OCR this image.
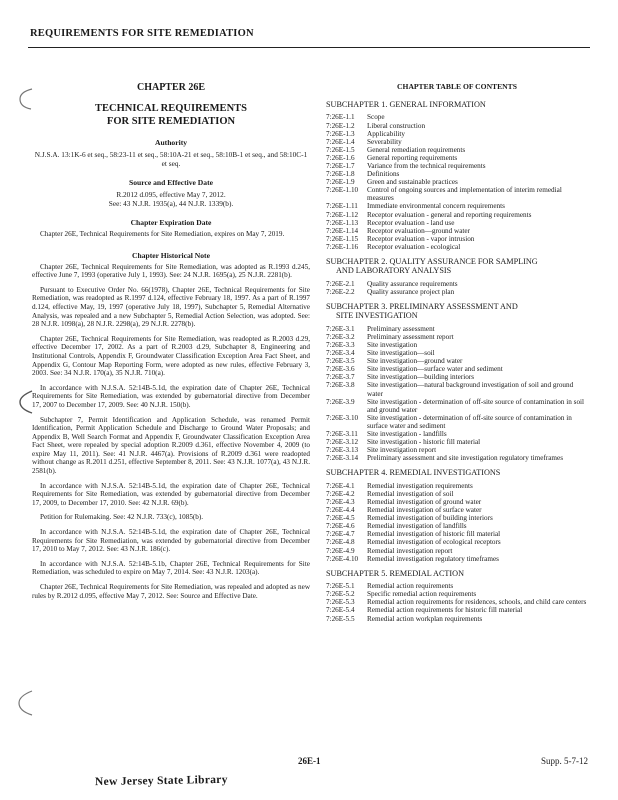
REQUIREMENTS FOR SITE REMEDIATION
CHAPTER 26E
TECHNICAL REQUIREMENTS
FOR SITE REMEDIATION
Authority
N.J.S.A. 13:1K-6 et seq., 58:23-11 et seq., 58:10A-21 et seq., 58:10B-1 et seq., and 58:10C-1 et seq.
Source and Effective Date
R.2012 d.095, effective May 7, 2012.
See: 43 N.J.R. 1935(a), 44 N.J.R. 1339(b).
Chapter Expiration Date

Chapter 26E, Technical Requirements for Site Remediation, expires on May 7, 2019.

Chapter Historical Note

Chapter 26E, Technical Requirements for Site Remediation, was adopted as R.1993 d.245, effective June 7, 1993 (operative July 1, 1993). See: 24 N.J.R. 1695(a), 25 N.J.R. 2281(b).

Pursuant to Executive Order No. 66(1978), Chapter 26E, Technical Requirements for Site Remediation, was readopted as R.1997 d.124, effective February 18, 1997. As a part of R.1997 d.124, effective May, 19, 1997 (operative July 18, 1997), Subchapter 5, Remedial Alternative Analysis, was repealed and a new Subchapter 5, Remedial Action Selection, was adopted. See: 28 N.J.R. 1098(a), 28 N.J.R. 2298(a), 29 N.J.R. 2278(b).

Chapter 26E, Technical Requirements for Site Remediation, was readopted as R.2003 d.29, effective December 17, 2002. As a part of R.2003 d.29, Subchapter 8, Engineering and Institutional Controls, Appendix F, Groundwater Classification Exception Area Fact Sheet, and Appendix G, Contour Map Reporting Form, were adopted as new rules, effective February 3, 2003. See: 34 N.J.R. 170(a), 35 N.J.R. 710(a).

In accordance with N.J.S.A. 52:14B-5.1d, the expiration date of Chapter 26E, Technical Requirements for Site Remediation, was extended by gubernatorial directive from December 17, 2007 to December 17, 2009. See: 40 N.J.R. 150(b).

Subchapter 7, Permit Identification and Application Schedule, was renamed Permit Identification, Permit Application Schedule and Discharge to Ground Water Proposals; and Appendix B, Well Search Format and Appendix F, Groundwater Classification Exception Area Fact Sheet, were repealed by special adoption R.2009 d.361, effective November 4, 2009 (to expire May 11, 2011). See: 41 N.J.R. 4467(a). Provisions of R.2009 d.361 were readopted without change as R.2011 d.251, effective September 8, 2011. See: 43 N.J.R. 1077(a), 43 N.J.R. 2581(b).

In accordance with N.J.S.A. 52:14B-5.1d, the expiration date of Chapter 26E, Technical Requirements for Site Remediation, was extended by gubernatorial directive from December 17, 2009, to December 17, 2010. See: 42 N.J.R. 69(b).

Petition for Rulemaking. See: 42 N.J.R. 733(c), 1085(b).

In accordance with N.J.S.A. 52:14B-5.1d, the expiration date of Chapter 26E, Technical Requirements for Site Remediation, was extended by gubernatorial directive from December 17, 2010 to May 7, 2012. See: 43 N.J.R. 186(c).

In accordance with N.J.S.A. 52:14B-5.1b, Chapter 26E, Technical Requirements for Site Remediation, was scheduled to expire on May 7, 2014. See: 43 N.J.R. 1203(a).

Chapter 26E, Technical Requirements for Site Remediation, was repealed and adopted as new rules by R.2012 d.095, effective May 7, 2012. See: Source and Effective Date.

CHAPTER TABLE OF CONTENTS
SUBCHAPTER 1. GENERAL INFORMATION
7:26E-1.1	Scope
7:26E-1.2	Liberal construction
7:26E-1.3	Applicability
7:26E-1.4	Severability
7:26E-1.5	General remediation requirements
7:26E-1.6	General reporting requirements
7:26E-1.7	Variance from the technical requirements
7:26E-1.8	Definitions
7:26E-1.9	Green and sustainable practices
7:26E-1.10	Control of ongoing sources and implementation of interim remedial measures
7:26E-1.11	Immediate environmental concern requirements
7:26E-1.12	Receptor evaluation - general and reporting requirements
7:26E-1.13	Receptor evaluation - land use
7:26E-1.14	Receptor evaluation—ground water
7:26E-1.15	Receptor evaluation - vapor intrusion
7:26E-1.16	Receptor evaluation - ecological
SUBCHAPTER 2. QUALITY ASSURANCE FOR SAMPLING
AND LABORATORY ANALYSIS
7:26E-2.1	Quality assurance requirements
7:26E-2.2	Quality assurance project plan
SUBCHAPTER 3. PRELIMINARY ASSESSMENT AND
SITE INVESTIGATION
7:26E-3.1	Preliminary assessment
7:26E-3.2	Preliminary assessment report
7:26E-3.3	Site investigation
7:26E-3.4	Site investigation—soil
7:26E-3.5	Site investigation—ground water
7:26E-3.6	Site investigation—surface water and sediment
7:26E-3.7	Site investigation—building interiors
7:26E-3.8	Site investigation—natural background investigation of soil and ground water
7:26E-3.9	Site investigation - determination of off-site source of contamination in soil and ground water
7:26E-3.10	Site investigation - determination of off-site source of contamination in surface water and sediment
7:26E-3.11	Site investigation - landfills
7:26E-3.12	Site investigation - historic fill material
7:26E-3.13	Site investigation report
7:26E-3.14	Preliminary assessment and site investigation regulatory timeframes
SUBCHAPTER 4. REMEDIAL INVESTIGATIONS
7:26E-4.1	Remedial investigation requirements
7:26E-4.2	Remedial investigation of soil
7:26E-4.3	Remedial investigation of ground water
7:26E-4.4	Remedial investigation of surface water
7:26E-4.5	Remedial investigation of building interiors
7:26E-4.6	Remedial investigation of landfills
7:26E-4.7	Remedial investigation of historic fill material
7:26E-4.8	Remedial investigation of ecological receptors
7:26E-4.9	Remedial investigation report
7:26E-4.10	Remedial investigation regulatory timeframes
SUBCHAPTER 5. REMEDIAL ACTION
7:26E-5.1	Remedial action requirements
7:26E-5.2	Specific remedial action requirements
7:26E-5.3	Remedial action requirements for residences, schools, and child care centers
7:26E-5.4	Remedial action requirements for historic fill material
7:26E-5.5	Remedial action workplan requirements
26E-1	Supp. 5-7-12
New Jersey State Library
